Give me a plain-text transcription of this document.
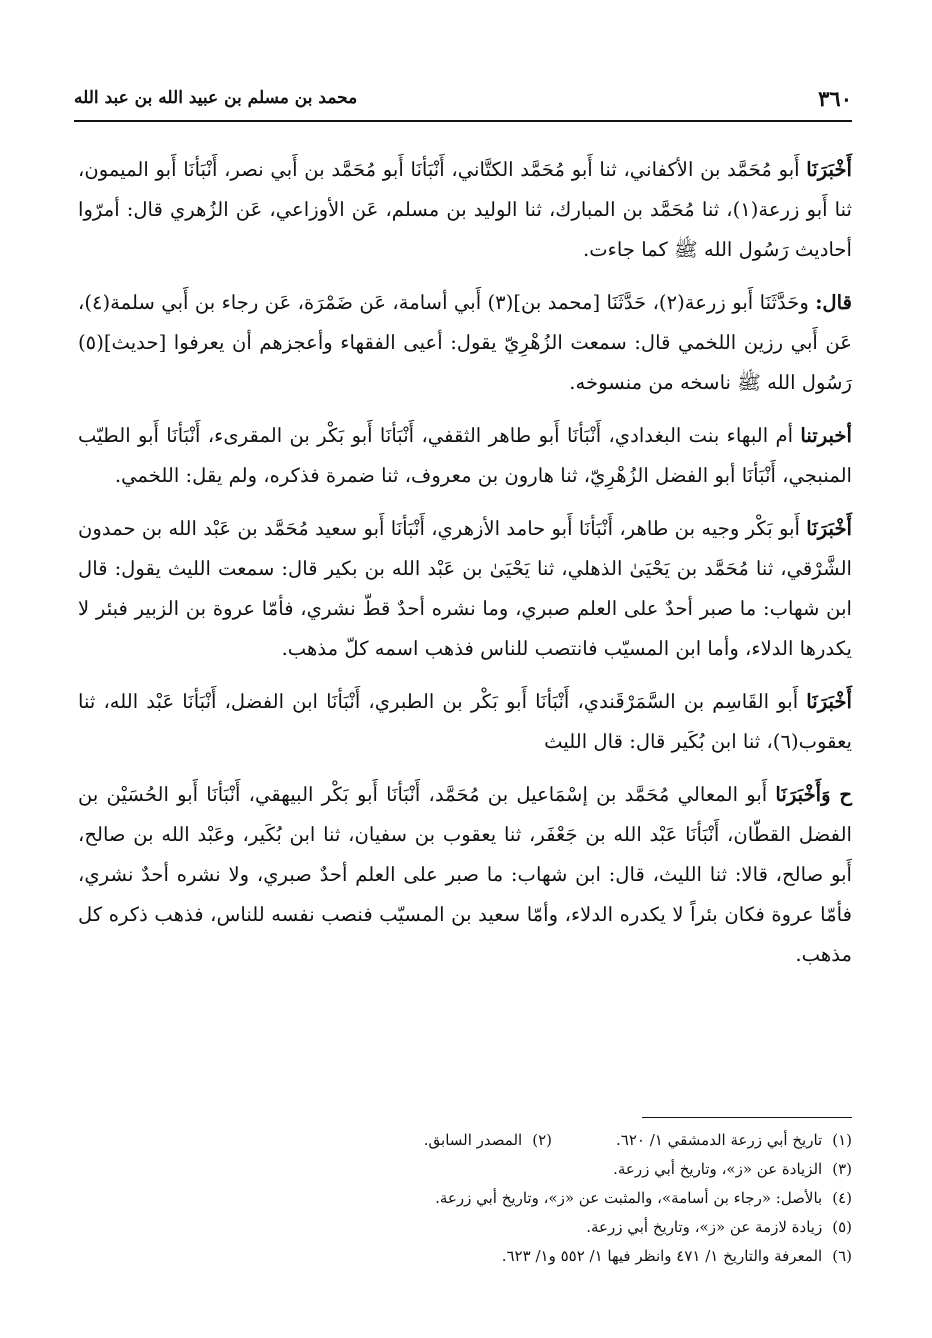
٣٦٠
محمد بن مسلم بن عبيد الله بن عبد الله

أَخْبَرَنَا أَبو مُحَمَّد بن الأكفاني، ثنا أَبو مُحَمَّد الكتَّاني، أَنْبَأنَا أَبو مُحَمَّد بن أَبي نصر، أَنْبَأنَا أَبو الميمون، ثنا أَبو زرعة(١)، ثنا مُحَمَّد بن المبارك، ثنا الوليد بن مسلم، عَن الأوزاعي، عَن الزُهري قال: أمرّوا أحاديث رَسُول الله ﷺ كما جاءت.

قال: وحَدَّثَنَا أَبو زرعة(٢)، حَدَّثَنَا [محمد بن](٣) أَبي أسامة، عَن ضَمْرَة، عَن رجاء بن أَبي سلمة(٤)، عَن أَبي رزين اللخمي قال: سمعت الزُهْرِيّ يقول: أعيى الفقهاء وأعجزهم أن يعرفوا [حديث](٥) رَسُول الله ﷺ ناسخه من منسوخه.

أخبرتنا أم البهاء بنت البغدادي، أَنْبَأنَا أَبو طاهر الثقفي، أَنْبَأنَا أَبو بَكْر بن المقرىء، أَنْبَأنَا أَبو الطيّب المنبجي، أَنْبَأنَا أبو الفضل الزُهْرِيّ، ثنا هارون بن معروف، ثنا ضمرة فذكره، ولم يقل: اللخمي.

أَخْبَرَنَا أَبو بَكْر وجيه بن طاهر، أَنْبَأنَا أَبو حامد الأزهري، أَنْبَأنَا أَبو سعيد مُحَمَّد بن عَبْد الله بن حمدون الشَّرْقي، ثنا مُحَمَّد بن يَحْيَىٰ الذهلي، ثنا يَحْيَىٰ بن عَبْد الله بن بكير قال: سمعت الليث يقول: قال ابن شهاب: ما صبر أحدٌ على العلم صبري، وما نشره أحدٌ قطّ نشري، فأمّا عروة بن الزبير فبئر لا يكدرها الدلاء، وأما ابن المسيّب فانتصب للناس فذهب اسمه كلّ مذهب.

أَخْبَرَنَا أَبو القَاسِم بن السَّمَرْقَندي، أَنْبَأنَا أَبو بَكْر بن الطبري، أَنْبَأنَا ابن الفضل، أَنْبَأنَا عَبْد الله، ثنا يعقوب(٦)، ثنا ابن بُكَير قال: قال الليث

ح وَأَخْبَرَنَا أَبو المعالي مُحَمَّد بن إسْمَاعيل بن مُحَمَّد، أَنْبَأنَا أَبو بَكْر البيهقي، أَنْبَأنَا أَبو الحُسَيْن بن الفضل القطّان، أَنْبَأنَا عَبْد الله بن جَعْفَر، ثنا يعقوب بن سفيان، ثنا ابن بُكَير، وعَبْد الله بن صالح، أَبو صالح، قالا: ثنا الليث، قال: ابن شهاب: ما صبر على العلم أحدٌ صبري، ولا نشره أحدٌ نشري، فأمّا عروة فكان بئراً لا يكدره الدلاء، وأمّا سعيد بن المسيّب فنصب نفسه للناس، فذهب ذكره كل مذهب.

(١)تاريخ أبي زرعة الدمشقي ١/ ٦٢٠.
(٢)المصدر السابق.
(٣)الزيادة عن «ز»، وتاريخ أبي زرعة.
(٤)بالأصل: «رجاء بن أسامة»، والمثبت عن «ز»، وتاريخ أبي زرعة.
(٥)زيادة لازمة عن «ز»، وتاريخ أبي زرعة.
(٦)المعرفة والتاريخ ١/ ٤٧١ وانظر فيها ١/ ٥٥٢ و١/ ٦٢٣.
